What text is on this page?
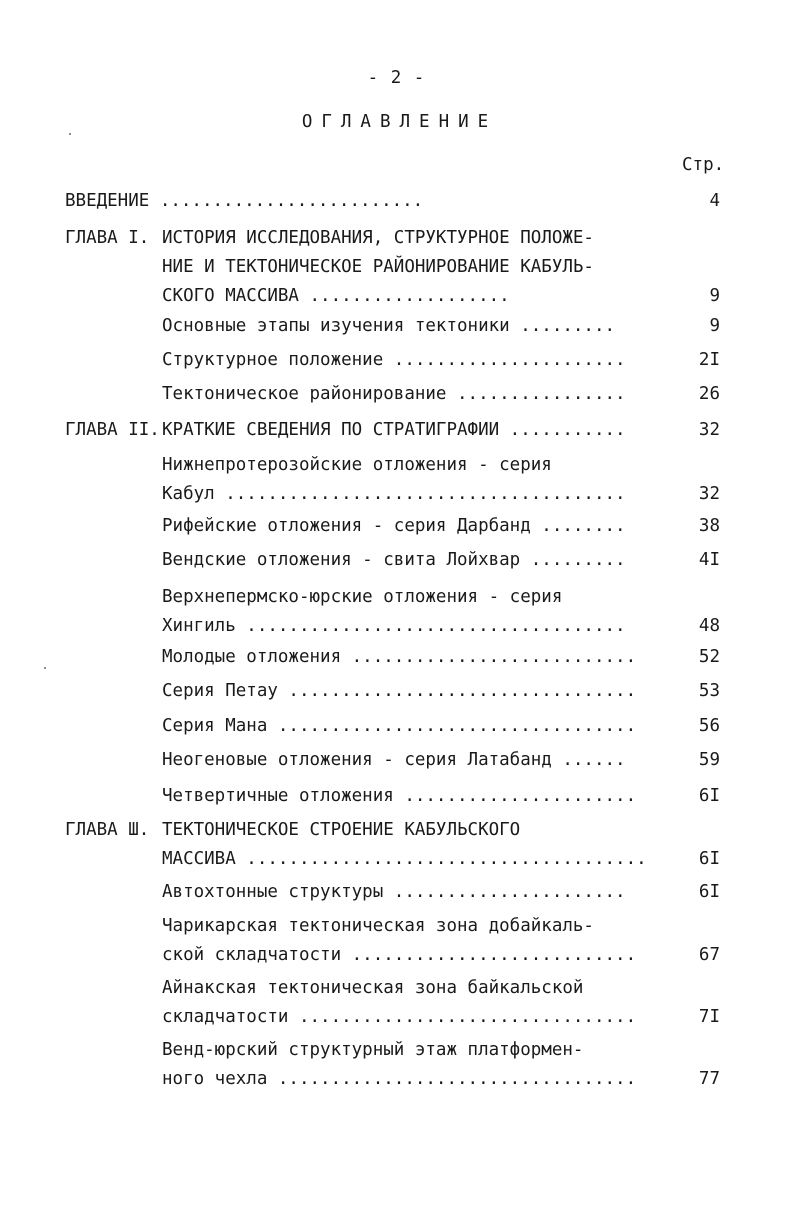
- 2 -
ОГЛАВЛЕНИЕ
Стр.
ВВЕДЕНИЕ .........................	4
ГЛАВА I. ИСТОРИЯ ИССЛЕДОВАНИЯ, СТРУКТУРНОЕ ПОЛОЖЕ-
НИЕ И ТЕКТОНИЧЕСКОЕ РАЙОНИРОВАНИЕ КАБУЛЬ-
СКОГО МАССИВА ...................	9
Основные этапы изучения тектоники .........	9
Структурное положение ......................	2I
Тектоническое районирование ................	26
ГЛАВА II. КРАТКИЕ СВЕДЕНИЯ ПО СТРАТИГРАФИИ ...........	32
Нижнепротерозойские отложения - серия
Кабул ......................................	32
Рифейские отложения - серия Дарбанд ........	38
Вендские отложения - свита Лойхвар .........	4I
Верхнепермско-юрские отложения - серия
Хингиль ....................................	48
Молодые отложения ...........................	52
Серия Петау .................................	53
Серия Мана ..................................	56
Неогеновые отложения - серия Латабанд ......	59
Четвертичные отложения ......................	6I
ГЛАВА Ш. ТЕКТОНИЧЕСКОЕ СТРОЕНИЕ КАБУЛЬСКОГО
МАССИВА ......................................	6I
Автохтонные структуры ......................	6I
Чарикарская тектоническая зона добайкаль-
ской складчатости ...........................	67
Айнакская тектоническая зона байкальской
складчатости ................................	7I
Венд-юрский структурный этаж платформен-
ного чехла ..................................	77
